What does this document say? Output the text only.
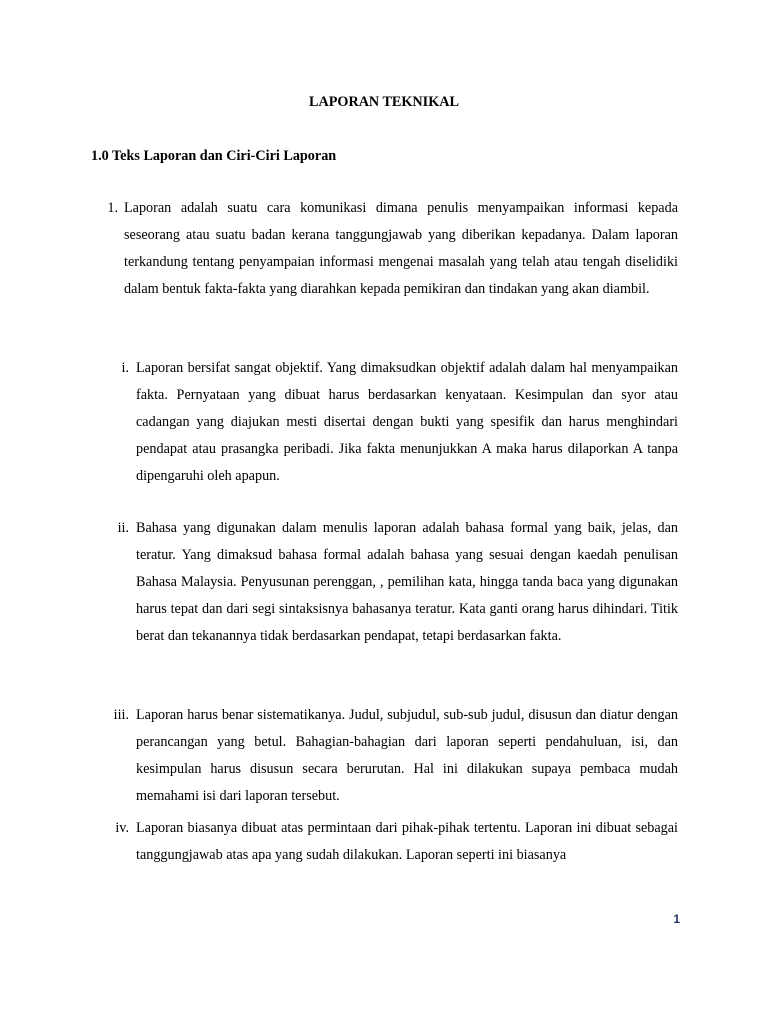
LAPORAN TEKNIKAL
1.0 Teks Laporan dan Ciri-Ciri Laporan
1. Laporan adalah suatu cara komunikasi dimana penulis menyampaikan informasi kepada seseorang atau suatu badan kerana tanggungjawab yang diberikan kepadanya. Dalam laporan terkandung tentang penyampaian informasi mengenai masalah yang telah atau tengah diselidiki dalam bentuk fakta-fakta yang diarahkan kepada pemikiran dan tindakan yang akan diambil.

i. Laporan bersifat sangat objektif. Yang dimaksudkan objektif adalah dalam hal menyampaikan fakta. Pernyataan yang dibuat harus berdasarkan kenyataan. Kesimpulan dan syor atau cadangan yang diajukan mesti disertai dengan bukti yang spesifik dan harus menghindari pendapat atau prasangka peribadi. Jika fakta menunjukkan A maka harus dilaporkan A tanpa dipengaruhi oleh apapun.

ii. Bahasa yang digunakan dalam menulis laporan adalah bahasa formal yang baik, jelas, dan teratur. Yang dimaksud bahasa formal adalah bahasa yang sesuai dengan kaedah penulisan Bahasa Malaysia. Penyusunan perenggan, , pemilihan kata, hingga tanda baca yang digunakan harus tepat dan dari segi sintaksisnya bahasanya teratur. Kata ganti orang harus dihindari. Titik berat dan tekanannya tidak berdasarkan pendapat, tetapi berdasarkan fakta.

iii. Laporan harus benar sistematikanya. Judul, subjudul, sub-sub judul, disusun dan diatur dengan perancangan yang betul. Bahagian-bahagian dari laporan seperti pendahuluan, isi, dan kesimpulan harus disusun secara berurutan. Hal ini dilakukan supaya pembaca mudah memahami isi dari laporan tersebut.

iv. Laporan biasanya dibuat atas permintaan dari pihak-pihak tertentu. Laporan ini dibuat sebagai tanggungjawab atas apa yang sudah dilakukan. Laporan seperti ini biasanya

1
